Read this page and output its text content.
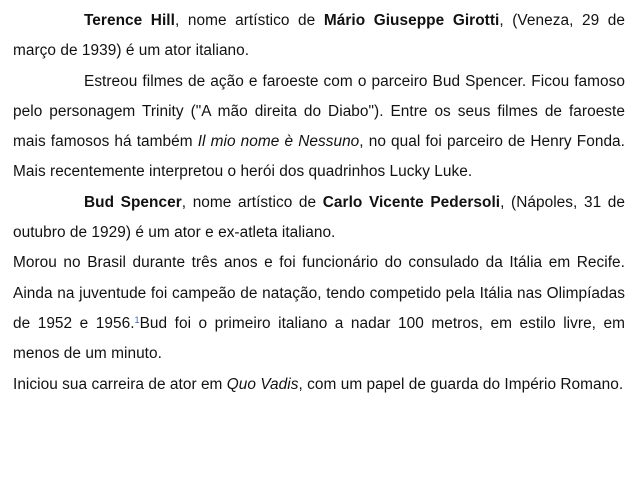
Terence Hill, nome artístico de Mário Giuseppe Girotti, (Veneza, 29 de março de 1939) é um ator italiano.

Estreou filmes de ação e faroeste com o parceiro Bud Spencer. Ficou famoso pelo personagem Trinity ("A mão direita do Diabo"). Entre os seus filmes de faroeste mais famosos há também Il mio nome è Nessuno, no qual foi parceiro de Henry Fonda. Mais recentemente interpretou o herói dos quadrinhos Lucky Luke.

Bud Spencer, nome artístico de Carlo Vicente Pedersoli, (Nápoles, 31 de outubro de 1929) é um ator e ex-atleta italiano.

Morou no Brasil durante três anos e foi funcionário do consulado da Itália em Recife. Ainda na juventude foi campeão de natação, tendo competido pela Itália nas Olimpíadas de 1952 e 1956.$^1$Bud foi o primeiro italiano a nadar 100 metros, em estilo livre, em menos de um minuto.

Iniciou sua carreira de ator em Quo Vadis, com um papel de guarda do Império Romano.
